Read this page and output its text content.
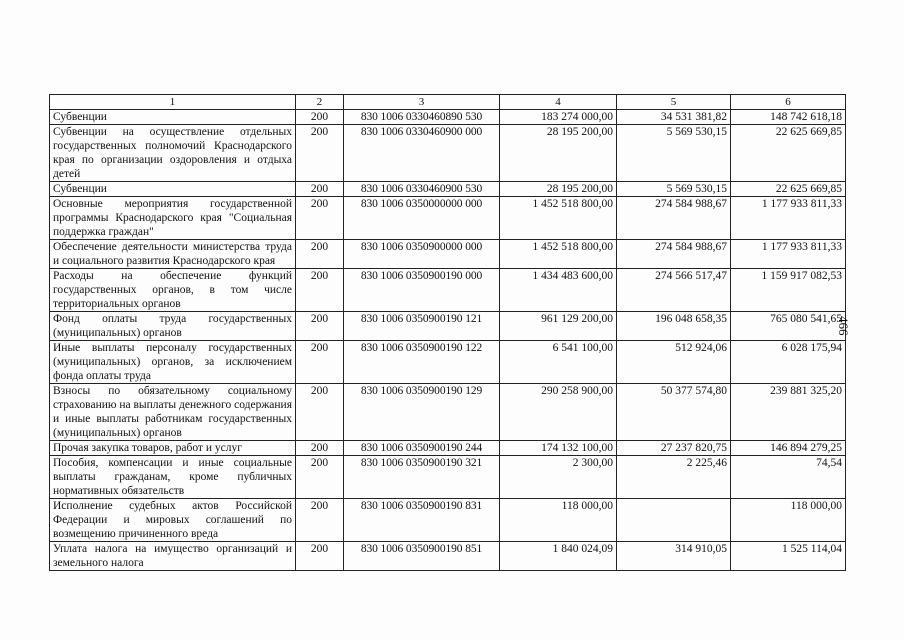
1	2	3	4	5	6
Субвенции	200	830 1006 0330460890 530	183 274 000,00	34 531 381,82	148 742 618,18
Субвенции на осуществление отдельных государственных полномочий Краснодарского края по организации оздоровления и отдыха детей	200	830 1006 0330460900 000	28 195 200,00	5 569 530,15	22 625 669,85
Субвенции	200	830 1006 0330460900 530	28 195 200,00	5 569 530,15	22 625 669,85
Основные мероприятия государственной программы Краснодарского края "Социальная поддержка граждан"	200	830 1006 0350000000 000	1 452 518 800,00	274 584 988,67	1 177 933 811,33
Обеспечение деятельности министерства труда и социального развития Краснодарского края	200	830 1006 0350900000 000	1 452 518 800,00	274 584 988,67	1 177 933 811,33
Расходы на обеспечение функций государственных органов, в том числе территориальных органов	200	830 1006 0350900190 000	1 434 483 600,00	274 566 517,47	1 159 917 082,53
Фонд оплаты труда государственных (муниципальных) органов	200	830 1006 0350900190 121	961 129 200,00	196 048 658,35	765 080 541,65
Иные выплаты персоналу государственных (муниципальных) органов, за исключением фонда оплаты труда	200	830 1006 0350900190 122	6 541 100,00	512 924,06	6 028 175,94
Взносы по обязательному социальному страхованию на выплаты денежного содержания и иные выплаты работникам государственных (муниципальных) органов	200	830 1006 0350900190 129	290 258 900,00	50 377 574,80	239 881 325,20
Прочая закупка товаров, работ и услуг	200	830 1006 0350900190 244	174 132 100,00	27 237 820,75	146 894 279,25
Пособия, компенсации и иные социальные выплаты гражданам, кроме публичных нормативных обязательств	200	830 1006 0350900190 321	2 300,00	2 225,46	74,54
Исполнение судебных актов Российской Федерации и мировых соглашений по возмещению причиненного вреда	200	830 1006 0350900190 831	118 000,00		118 000,00
Уплата налога на имущество организаций и земельного налога	200	830 1006 0350900190 851	1 840 024,09	314 910,05	1 525 114,04
466
